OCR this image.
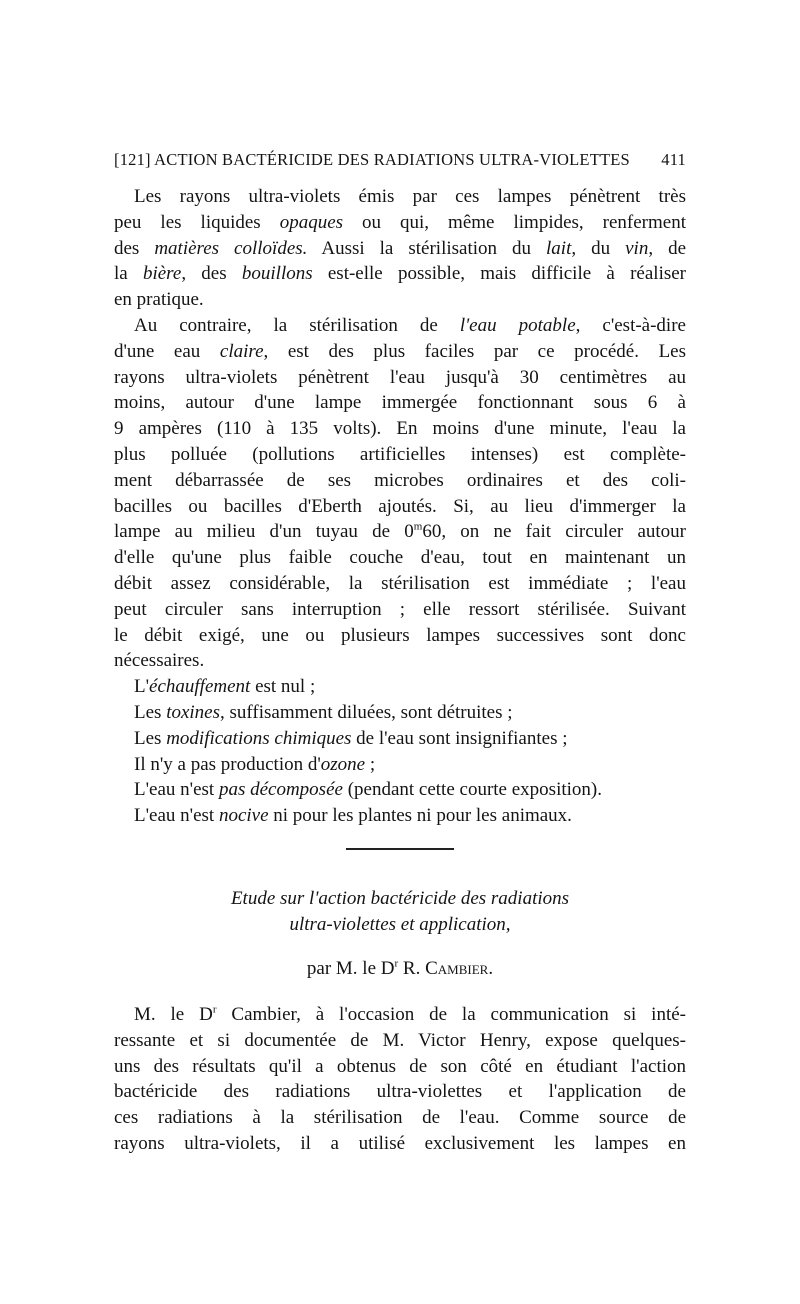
[121] ACTION BACTÉRICIDE DES RADIATIONS ULTRA-VIOLETTES 411
Les rayons ultra-violets émis par ces lampes pénètrent très
peu les liquides opaques ou qui, même limpides, renferment
des matières colloïdes. Aussi la stérilisation du lait, du vin, de
la bière, des bouillons est-elle possible, mais difficile à réaliser
en pratique.
Au contraire, la stérilisation de l'eau potable, c'est-à-dire
d'une eau claire, est des plus faciles par ce procédé. Les
rayons ultra-violets pénètrent l'eau jusqu'à 30 centimètres au
moins, autour d'une lampe immergée fonctionnant sous 6 à
9 ampères (110 à 135 volts). En moins d'une minute, l'eau la
plus polluée (pollutions artificielles intenses) est complète-
ment débarrassée de ses microbes ordinaires et des coli-
bacilles ou bacilles d'Eberth ajoutés. Si, au lieu d'immerger la
lampe au milieu d'un tuyau de 0$^m$60, on ne fait circuler autour
d'elle qu'une plus faible couche d'eau, tout en maintenant un
débit assez considérable, la stérilisation est immédiate ; l'eau
peut circuler sans interruption ; elle ressort stérilisée. Suivant
le débit exigé, une ou plusieurs lampes successives sont donc
nécessaires.
L'échauffement est nul ;
Les toxines, suffisamment diluées, sont détruites ;
Les modifications chimiques de l'eau sont insignifiantes ;
Il n'y a pas production d'ozone ;
L'eau n'est pas décomposée (pendant cette courte exposition).
L'eau n'est nocive ni pour les plantes ni pour les animaux.
Etude sur l'action bactéricide des radiations
ultra-violettes et application,
par M. le $D^r$ R. Cambier.
M. le $D^r$ Cambier, à l'occasion de la communication si inté-
ressante et si documentée de M. Victor Henry, expose quelques-
uns des résultats qu'il a obtenus de son côté en étudiant l'action
bactéricide des radiations ultra-violettes et l'application de
ces radiations à la stérilisation de l'eau. Comme source de
rayons ultra-violets, il a utilisé exclusivement les lampes en
